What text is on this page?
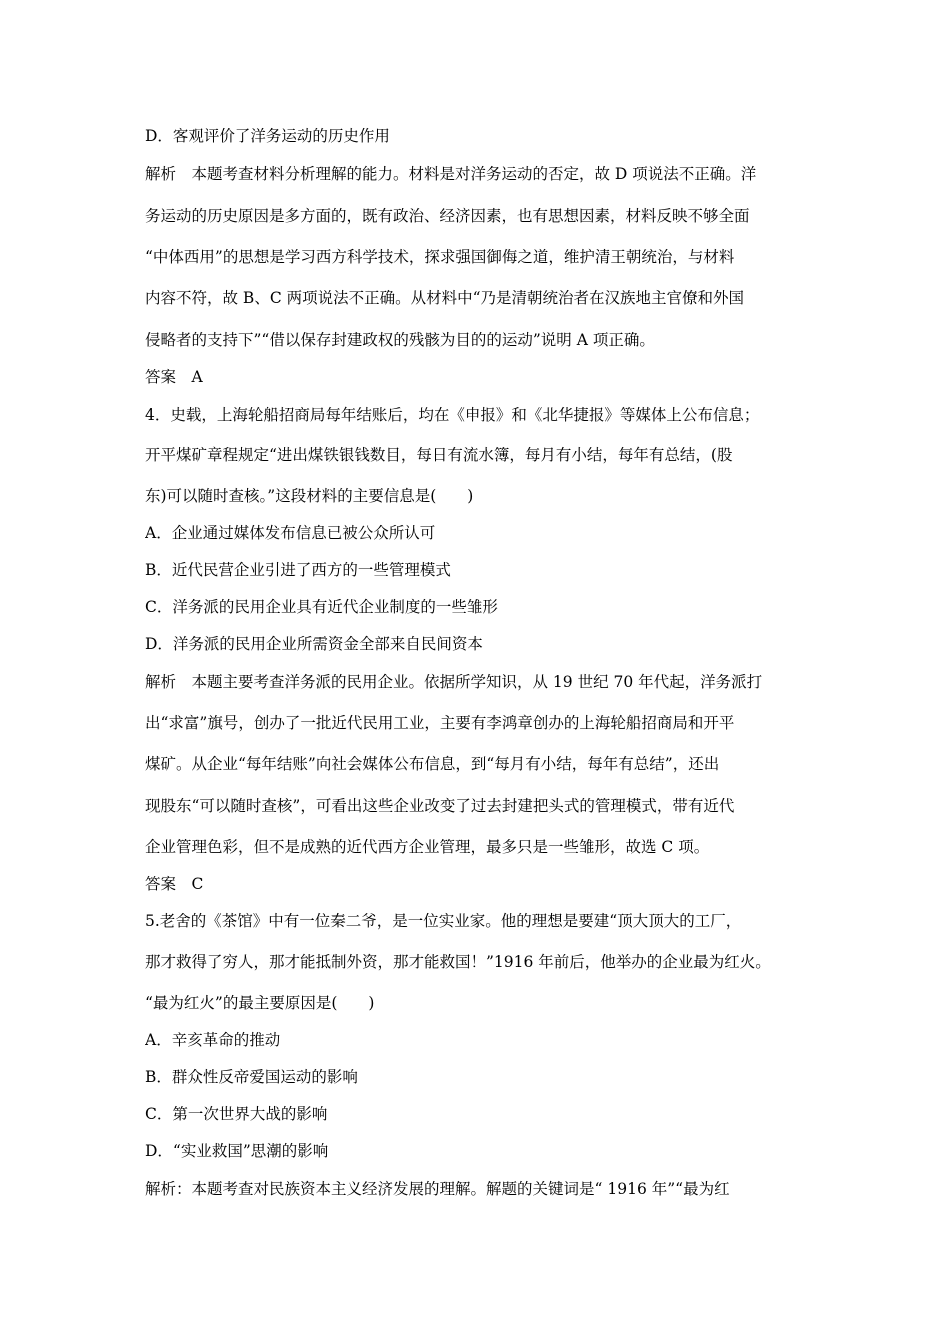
D．客观评价了洋务运动的历史作用
解析　本题考查材料分析理解的能力。材料是对洋务运动的否定，故 D 项说法不正确。洋
务运动的历史原因是多方面的，既有政治、经济因素，也有思想因素，材料反映不够全面
“中体西用”的思想是学习西方科学技术，探求强国御侮之道，维护清王朝统治，与材料
内容不符，故 B、C 两项说法不正确。从材料中“乃是清朝统治者在汉族地主官僚和外国
侵略者的支持下”“借以保存封建政权的残骸为目的的运动”说明 A 项正确。
答案　A
4．史载，上海轮船招商局每年结账后，均在《申报》和《北华捷报》等媒体上公布信息；
开平煤矿章程规定“进出煤铁银钱数目，每日有流水簿，每月有小结，每年有总结，(股
东)可以随时查核。”这段材料的主要信息是(　　)
A．企业通过媒体发布信息已被公众所认可
B．近代民营企业引进了西方的一些管理模式
C．洋务派的民用企业具有近代企业制度的一些雏形
D．洋务派的民用企业所需资金全部来自民间资本
解析　本题主要考查洋务派的民用企业。依据所学知识，从 19 世纪 70 年代起，洋务派打
出“求富”旗号，创办了一批近代民用工业，主要有李鸿章创办的上海轮船招商局和开平
煤矿。从企业“每年结账”向社会媒体公布信息，到“每月有小结，每年有总结”，还出
现股东“可以随时查核”，可看出这些企业改变了过去封建把头式的管理模式，带有近代
企业管理色彩，但不是成熟的近代西方企业管理，最多只是一些雏形，故选 C 项。
答案　C
5.老舍的《茶馆》中有一位秦二爷，是一位实业家。他的理想是要建“顶大顶大的工厂，
那才救得了穷人，那才能抵制外资，那才能救国！”1916 年前后，他举办的企业最为红火。
“最为红火”的最主要原因是(　　)
A．辛亥革命的推动
B．群众性反帝爱国运动的影响
C．第一次世界大战的影响
D．“实业救国”思潮的影响
解析：本题考查对民族资本主义经济发展的理解。解题的关键词是“ 1916 年”“最为红
